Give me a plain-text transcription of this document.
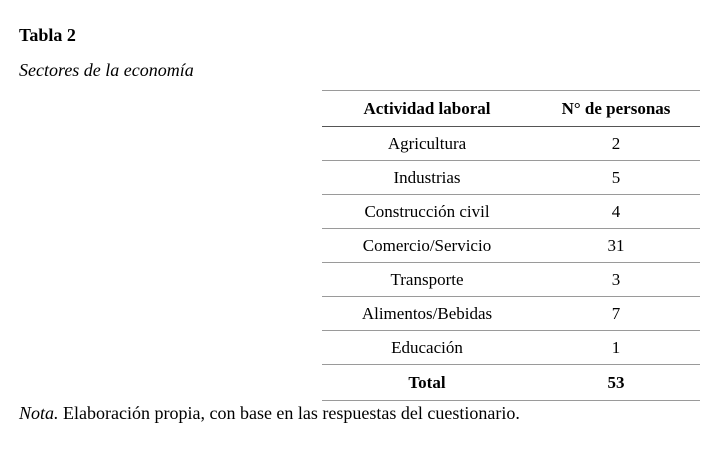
Tabla 2
Sectores de la economía
Actividad laboral	N° de personas
Agricultura	2
Industrias	5
Construcción civil	4
Comercio/Servicio	31
Transporte	3
Alimentos/Bebidas	7
Educación	1
Total	53
Nota. Elaboración propia, con base en las respuestas del cuestionario.
